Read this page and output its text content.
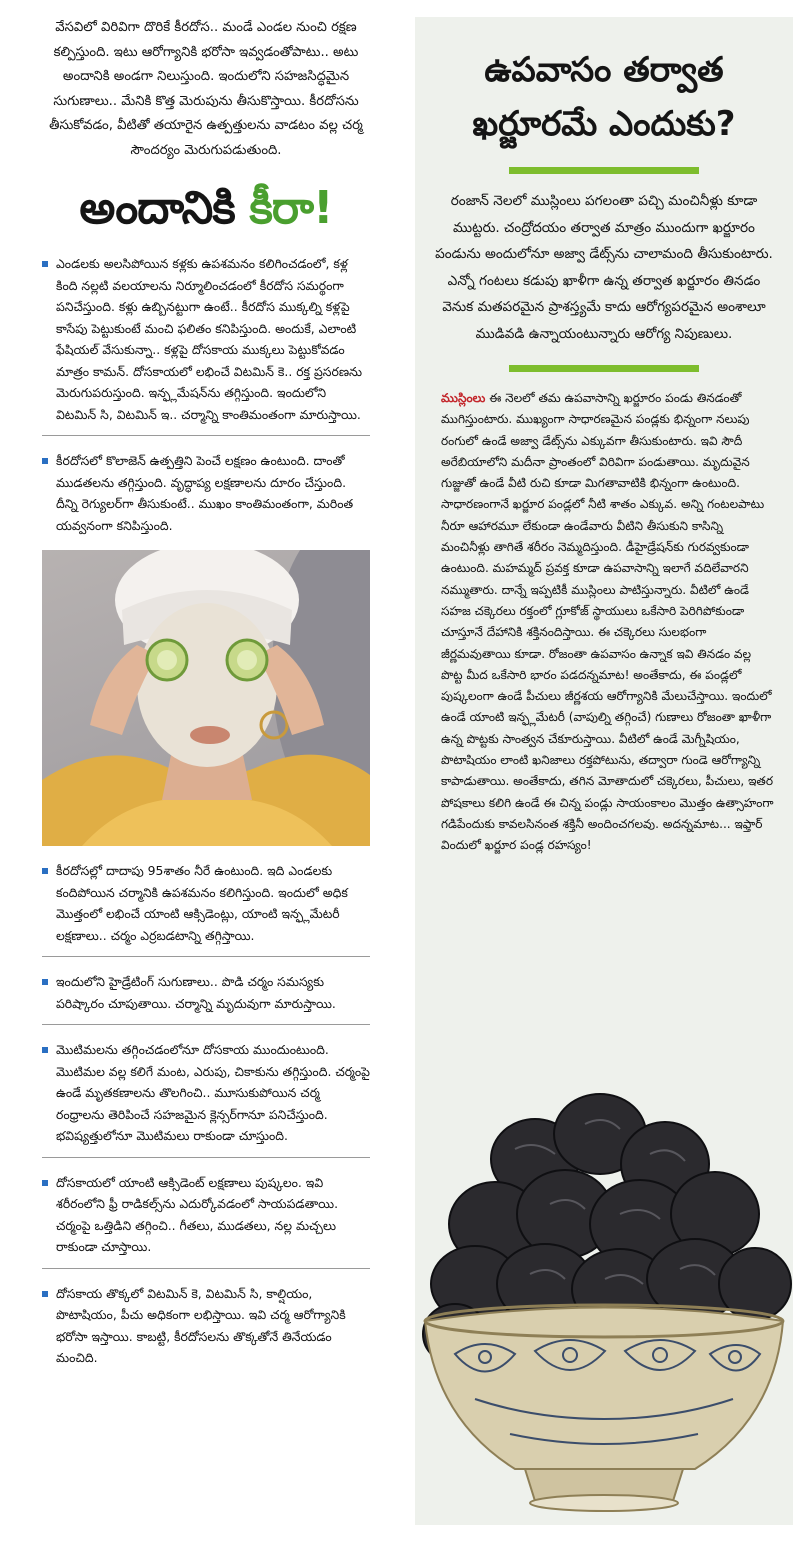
వేసవిలో విరివిగా దొరికే కీరదోస.. మండే ఎండల నుంచి రక్షణ కల్పిస్తుంది. ఇటు ఆరోగ్యానికి భరోసా ఇవ్వడంతోపాటు.. అటు అందానికి అండగా నిలుస్తుంది. ఇందులోని సహజసిద్ధమైన సుగుణాలు.. మేనికి కొత్త మెరుపును తీసుకొస్తాయి. కీరదోసను తీసుకోవడం, వీటితో తయారైన ఉత్పత్తులను వాడటం వల్ల చర్మ సౌందర్యం మెరుగుపడుతుంది.

అందానికి కీరా!

ఎండలకు అలసిపోయిన కళ్లకు ఉపశమనం కలిగించడంలో, కళ్ల కింది నల్లటి వలయాలను నిర్మూలించడంలో కీరదోస సమర్థంగా పనిచేస్తుంది. కళ్లు ఉబ్బినట్టుగా ఉంటే.. కీరదోస ముక్కల్ని కళ్లపై కాసేపు పెట్టుకుంటే మంచి ఫలితం కనిపిస్తుంది. అందుకే, ఎలాంటి ఫేషియల్ వేసుకున్నా.. కళ్లపై దోసకాయ ముక్కలు పెట్టుకోవడం మాత్రం కామన్. దోసకాయలో లభించే విటమిన్ కె.. రక్త ప్రసరణను మెరుగుపరుస్తుంది. ఇన్ఫ్లమేషన్‌ను తగ్గిస్తుంది. ఇందులోని విటమిన్ సి, విటమిన్ ఇ.. చర్మాన్ని కాంతిమంతంగా మారుస్తాయి.

కీరదోసలో కొలాజెన్ ఉత్పత్తిని పెంచే లక్షణం ఉంటుంది. దాంతో ముడతలను తగ్గిస్తుంది. వృద్ధాప్య లక్షణాలను దూరం చేస్తుంది. దీన్ని రెగ్యులర్‌గా తీసుకుంటే.. ముఖం కాంతిమంతంగా, మరింత యవ్వనంగా కనిపిస్తుంది.

కీరదోసల్లో దాదాపు 95శాతం నీరే ఉంటుంది. ఇది ఎండలకు కందిపోయిన చర్మానికి ఉపశమనం కలిగిస్తుంది. ఇందులో అధిక మొత్తంలో లభించే యాంటి ఆక్సిడెంట్లు, యాంటి ఇన్ఫ్లమేటరీ లక్షణాలు.. చర్మం ఎర్రబడటాన్ని తగ్గిస్తాయి.

ఇందులోని హైడ్రేటింగ్ సుగుణాలు.. పొడి చర్మం సమస్యకు పరిష్కారం చూపుతాయి. చర్మాన్ని మృదువుగా మారుస్తాయి.

మొటిమలను తగ్గించడంలోనూ దోసకాయ ముందుంటుంది. మొటిమల వల్ల కలిగే మంట, ఎరుపు, చికాకును తగ్గిస్తుంది. చర్మంపై ఉండే మృతకణాలను తొలగించి.. మూసుకుపోయిన చర్మ రంధ్రాలను తెరిపించే సహజమైన క్లెన్సర్‌గానూ పనిచేస్తుంది. భవిష్యత్తులోనూ మొటిమలు రాకుండా చూస్తుంది.

దోసకాయలో యాంటి ఆక్సిడెంట్ లక్షణాలు పుష్కలం. ఇవి శరీరంలోని ఫ్రీ రాడికల్స్‌ను ఎదుర్కోవడంలో సాయపడతాయి. చర్మంపై ఒత్తిడిని తగ్గించి.. గీతలు, ముడతలు, నల్ల మచ్చలు రాకుండా చూస్తాయి.

దోసకాయ తొక్కలో విటమిన్ కె, విటమిన్ సి, కాల్షియం, పొటాషియం, పీచు అధికంగా లభిస్తాయి. ఇవి చర్మ ఆరోగ్యానికి భరోసా ఇస్తాయి. కాబట్టి, కీరదోసలను తొక్కతోనే తినేయడం మంచిది.

ఉపవాసం తర్వాత
ఖర్జూరమే ఎందుకు?

రంజాన్ నెలలో ముస్లింలు పగలంతా పచ్చి మంచినీళ్లు కూడా ముట్టరు. చంద్రోదయం తర్వాత మాత్రం ముందుగా ఖర్జూరం పండును అందులోనూ అజ్వా డేట్స్‌ను చాలామంది తీసుకుంటారు. ఎన్నో గంటలు కడుపు ఖాళీగా ఉన్న తర్వాత ఖర్జూరం తినడం వెనుక మతపరమైన ప్రాశస్త్యమే కాదు ఆరోగ్యపరమైన అంశాలూ ముడివడి ఉన్నాయంటున్నారు ఆరోగ్య నిపుణులు.

ముస్లింలు ఈ నెలలో తమ ఉపవాసాన్ని ఖర్జూరం పండు తినడంతో ముగిస్తుంటారు. ముఖ్యంగా సాధారణమైన పండ్లకు భిన్నంగా నలుపు రంగులో ఉండే అజ్వా డేట్స్‌ను ఎక్కువగా తీసుకుంటారు. ఇవి సౌదీ అరేబియాలోని మదీనా ప్రాంతంలో విరివిగా పండుతాయి. మృదువైన గుజ్జుతో ఉండే వీటి రుచి కూడా మిగతావాటికి భిన్నంగా ఉంటుంది. సాధారణంగానే ఖర్జూర పండ్లలో నీటి శాతం ఎక్కువ. అన్ని గంటలపాటు నీరూ ఆహారమూ లేకుండా ఉండేవారు వీటిని తీసుకుని కాసిన్ని మంచినీళ్లు తాగితే శరీరం నెమ్మదిస్తుంది. డీహైడ్రేషన్‌కు గురవ్వకుండా ఉంటుంది. మహమ్మద్ ప్రవక్త కూడా ఉపవాసాన్ని ఇలాగే వదిలేవారని నమ్ముతారు. దాన్నే ఇప్పటికీ ముస్లింలు పాటిస్తున్నారు. వీటిలో ఉండే సహజ చక్కెరలు రక్తంలో గ్లూకోజ్ స్థాయులు ఒకేసారి పెరిగిపోకుండా చూస్తూనే దేహానికి శక్తినందిస్తాయి. ఈ చక్కెరలు సులభంగా జీర్ణమవుతాయి కూడా. రోజంతా ఉపవాసం ఉన్నాక ఇవి తినడం వల్ల పొట్ట మీద ఒకేసారి భారం పడదన్నమాట! అంతేకాదు, ఈ పండ్లలో పుష్కలంగా ఉండే పీచులు జీర్ణశయ ఆరోగ్యానికి మేలుచేస్తాయి. ఇందులో ఉండే యాంటి ఇన్ఫ్లమేటరీ (వాపుల్ని తగ్గించే) గుణాలు రోజంతా ఖాళీగా ఉన్న పొట్టకు సాంత్వన చేకూరుస్తాయి. వీటిలో ఉండే మెగ్నీషియం, పొటాషియం లాంటి ఖనిజాలు రక్తపోటును, తద్వారా గుండె ఆరోగ్యాన్ని కాపాడుతాయి. అంతేకాదు, తగిన మోతాదులో చక్కెరలు, పీచులు, ఇతర పోషకాలు కలిగి ఉండే ఈ చిన్న పండ్లు సాయంకాలం మొత్తం ఉత్సాహంగా గడిపేందుకు కావలసినంత శక్తినీ అందించగలవు. అదన్నమాట... ఇఫ్తార్ విందులో ఖర్జూర పండ్ల రహస్యం!
